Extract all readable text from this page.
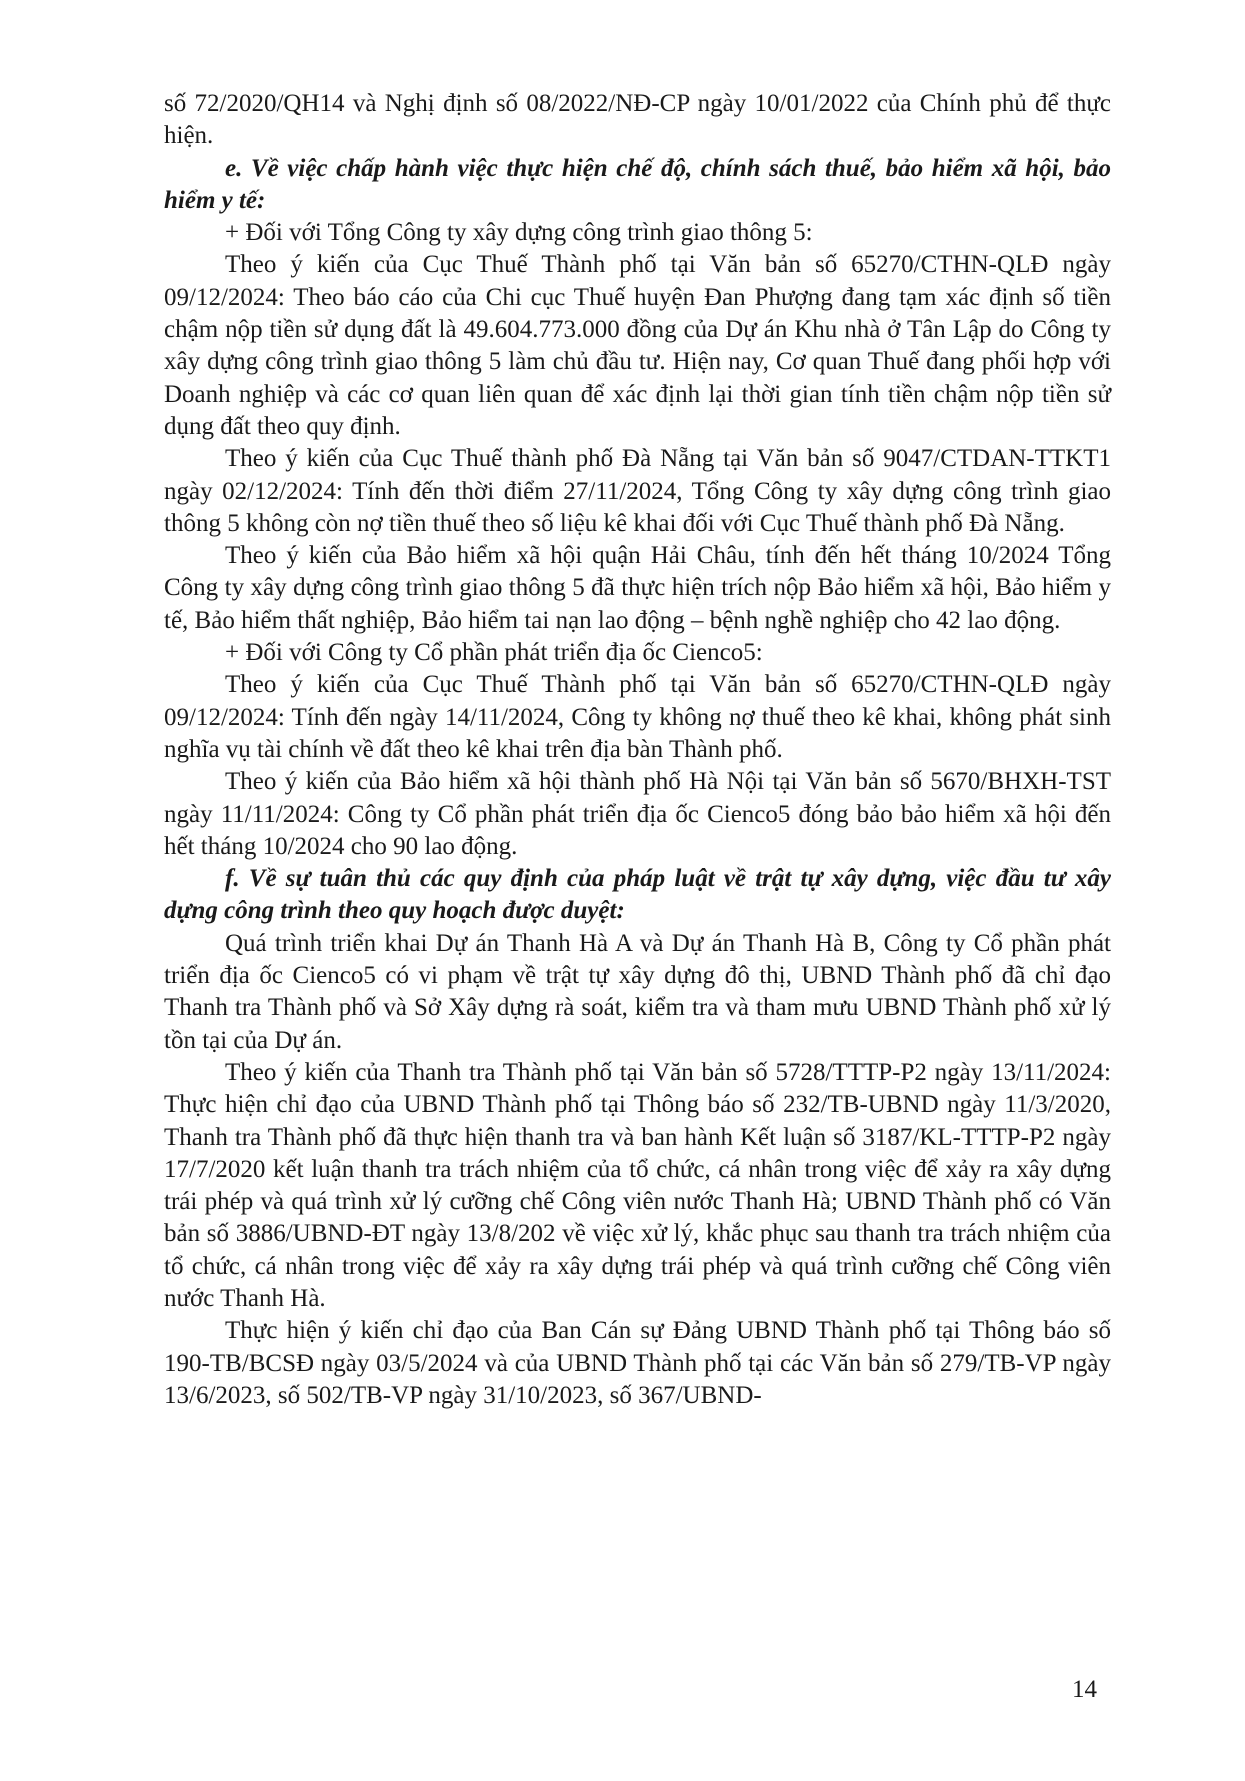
số 72/2020/QH14 và Nghị định số 08/2022/NĐ-CP ngày 10/01/2022 của Chính phủ để thực hiện.

e. Về việc chấp hành việc thực hiện chế độ, chính sách thuế, bảo hiểm xã hội, bảo hiểm y tế:

+ Đối với Tổng Công ty xây dựng công trình giao thông 5:

Theo ý kiến của Cục Thuế Thành phố tại Văn bản số 65270/CTHN-QLĐ ngày 09/12/2024: Theo báo cáo của Chi cục Thuế huyện Đan Phượng đang tạm xác định số tiền chậm nộp tiền sử dụng đất là 49.604.773.000 đồng của Dự án Khu nhà ở Tân Lập do Công ty xây dựng công trình giao thông 5 làm chủ đầu tư. Hiện nay, Cơ quan Thuế đang phối hợp với Doanh nghiệp và các cơ quan liên quan để xác định lại thời gian tính tiền chậm nộp tiền sử dụng đất theo quy định.

Theo ý kiến của Cục Thuế thành phố Đà Nẵng tại Văn bản số 9047/CTDAN-TTKT1 ngày 02/12/2024: Tính đến thời điểm 27/11/2024, Tổng Công ty xây dựng công trình giao thông 5 không còn nợ tiền thuế theo số liệu kê khai đối với Cục Thuế thành phố Đà Nẵng.

Theo ý kiến của Bảo hiểm xã hội quận Hải Châu, tính đến hết tháng 10/2024 Tổng Công ty xây dựng công trình giao thông 5 đã thực hiện trích nộp Bảo hiểm xã hội, Bảo hiểm y tế, Bảo hiểm thất nghiệp, Bảo hiểm tai nạn lao động – bệnh nghề nghiệp cho 42 lao động.

+ Đối với Công ty Cổ phần phát triển địa ốc Cienco5:

Theo ý kiến của Cục Thuế Thành phố tại Văn bản số 65270/CTHN-QLĐ ngày 09/12/2024: Tính đến ngày 14/11/2024, Công ty không nợ thuế theo kê khai, không phát sinh nghĩa vụ tài chính về đất theo kê khai trên địa bàn Thành phố.

Theo ý kiến của Bảo hiểm xã hội thành phố Hà Nội tại Văn bản số 5670/BHXH-TST ngày 11/11/2024: Công ty Cổ phần phát triển địa ốc Cienco5 đóng bảo bảo hiểm xã hội đến hết tháng 10/2024 cho 90 lao động.

f. Về sự tuân thủ các quy định của pháp luật về trật tự xây dựng, việc đầu tư xây dựng công trình theo quy hoạch được duyệt:

Quá trình triển khai Dự án Thanh Hà A và Dự án Thanh Hà B, Công ty Cổ phần phát triển địa ốc Cienco5 có vi phạm về trật tự xây dựng đô thị, UBND Thành phố đã chỉ đạo Thanh tra Thành phố và Sở Xây dựng rà soát, kiểm tra và tham mưu UBND Thành phố xử lý tồn tại của Dự án.

Theo ý kiến của Thanh tra Thành phố tại Văn bản số 5728/TTTP-P2 ngày 13/11/2024: Thực hiện chỉ đạo của UBND Thành phố tại Thông báo số 232/TB-UBND ngày 11/3/2020, Thanh tra Thành phố đã thực hiện thanh tra và ban hành Kết luận số 3187/KL-TTTP-P2 ngày 17/7/2020 kết luận thanh tra trách nhiệm của tổ chức, cá nhân trong việc để xảy ra xây dựng trái phép và quá trình xử lý cưỡng chế Công viên nước Thanh Hà; UBND Thành phố có Văn bản số 3886/UBND-ĐT ngày 13/8/202 về việc xử lý, khắc phục sau thanh tra trách nhiệm của tổ chức, cá nhân trong việc để xảy ra xây dựng trái phép và quá trình cưỡng chế Công viên nước Thanh Hà.

Thực hiện ý kiến chỉ đạo của Ban Cán sự Đảng UBND Thành phố tại Thông báo số 190-TB/BCSĐ ngày 03/5/2024 và của UBND Thành phố tại các Văn bản số 279/TB-VP ngày 13/6/2023, số 502/TB-VP ngày 31/10/2023, số 367/UBND-

14
